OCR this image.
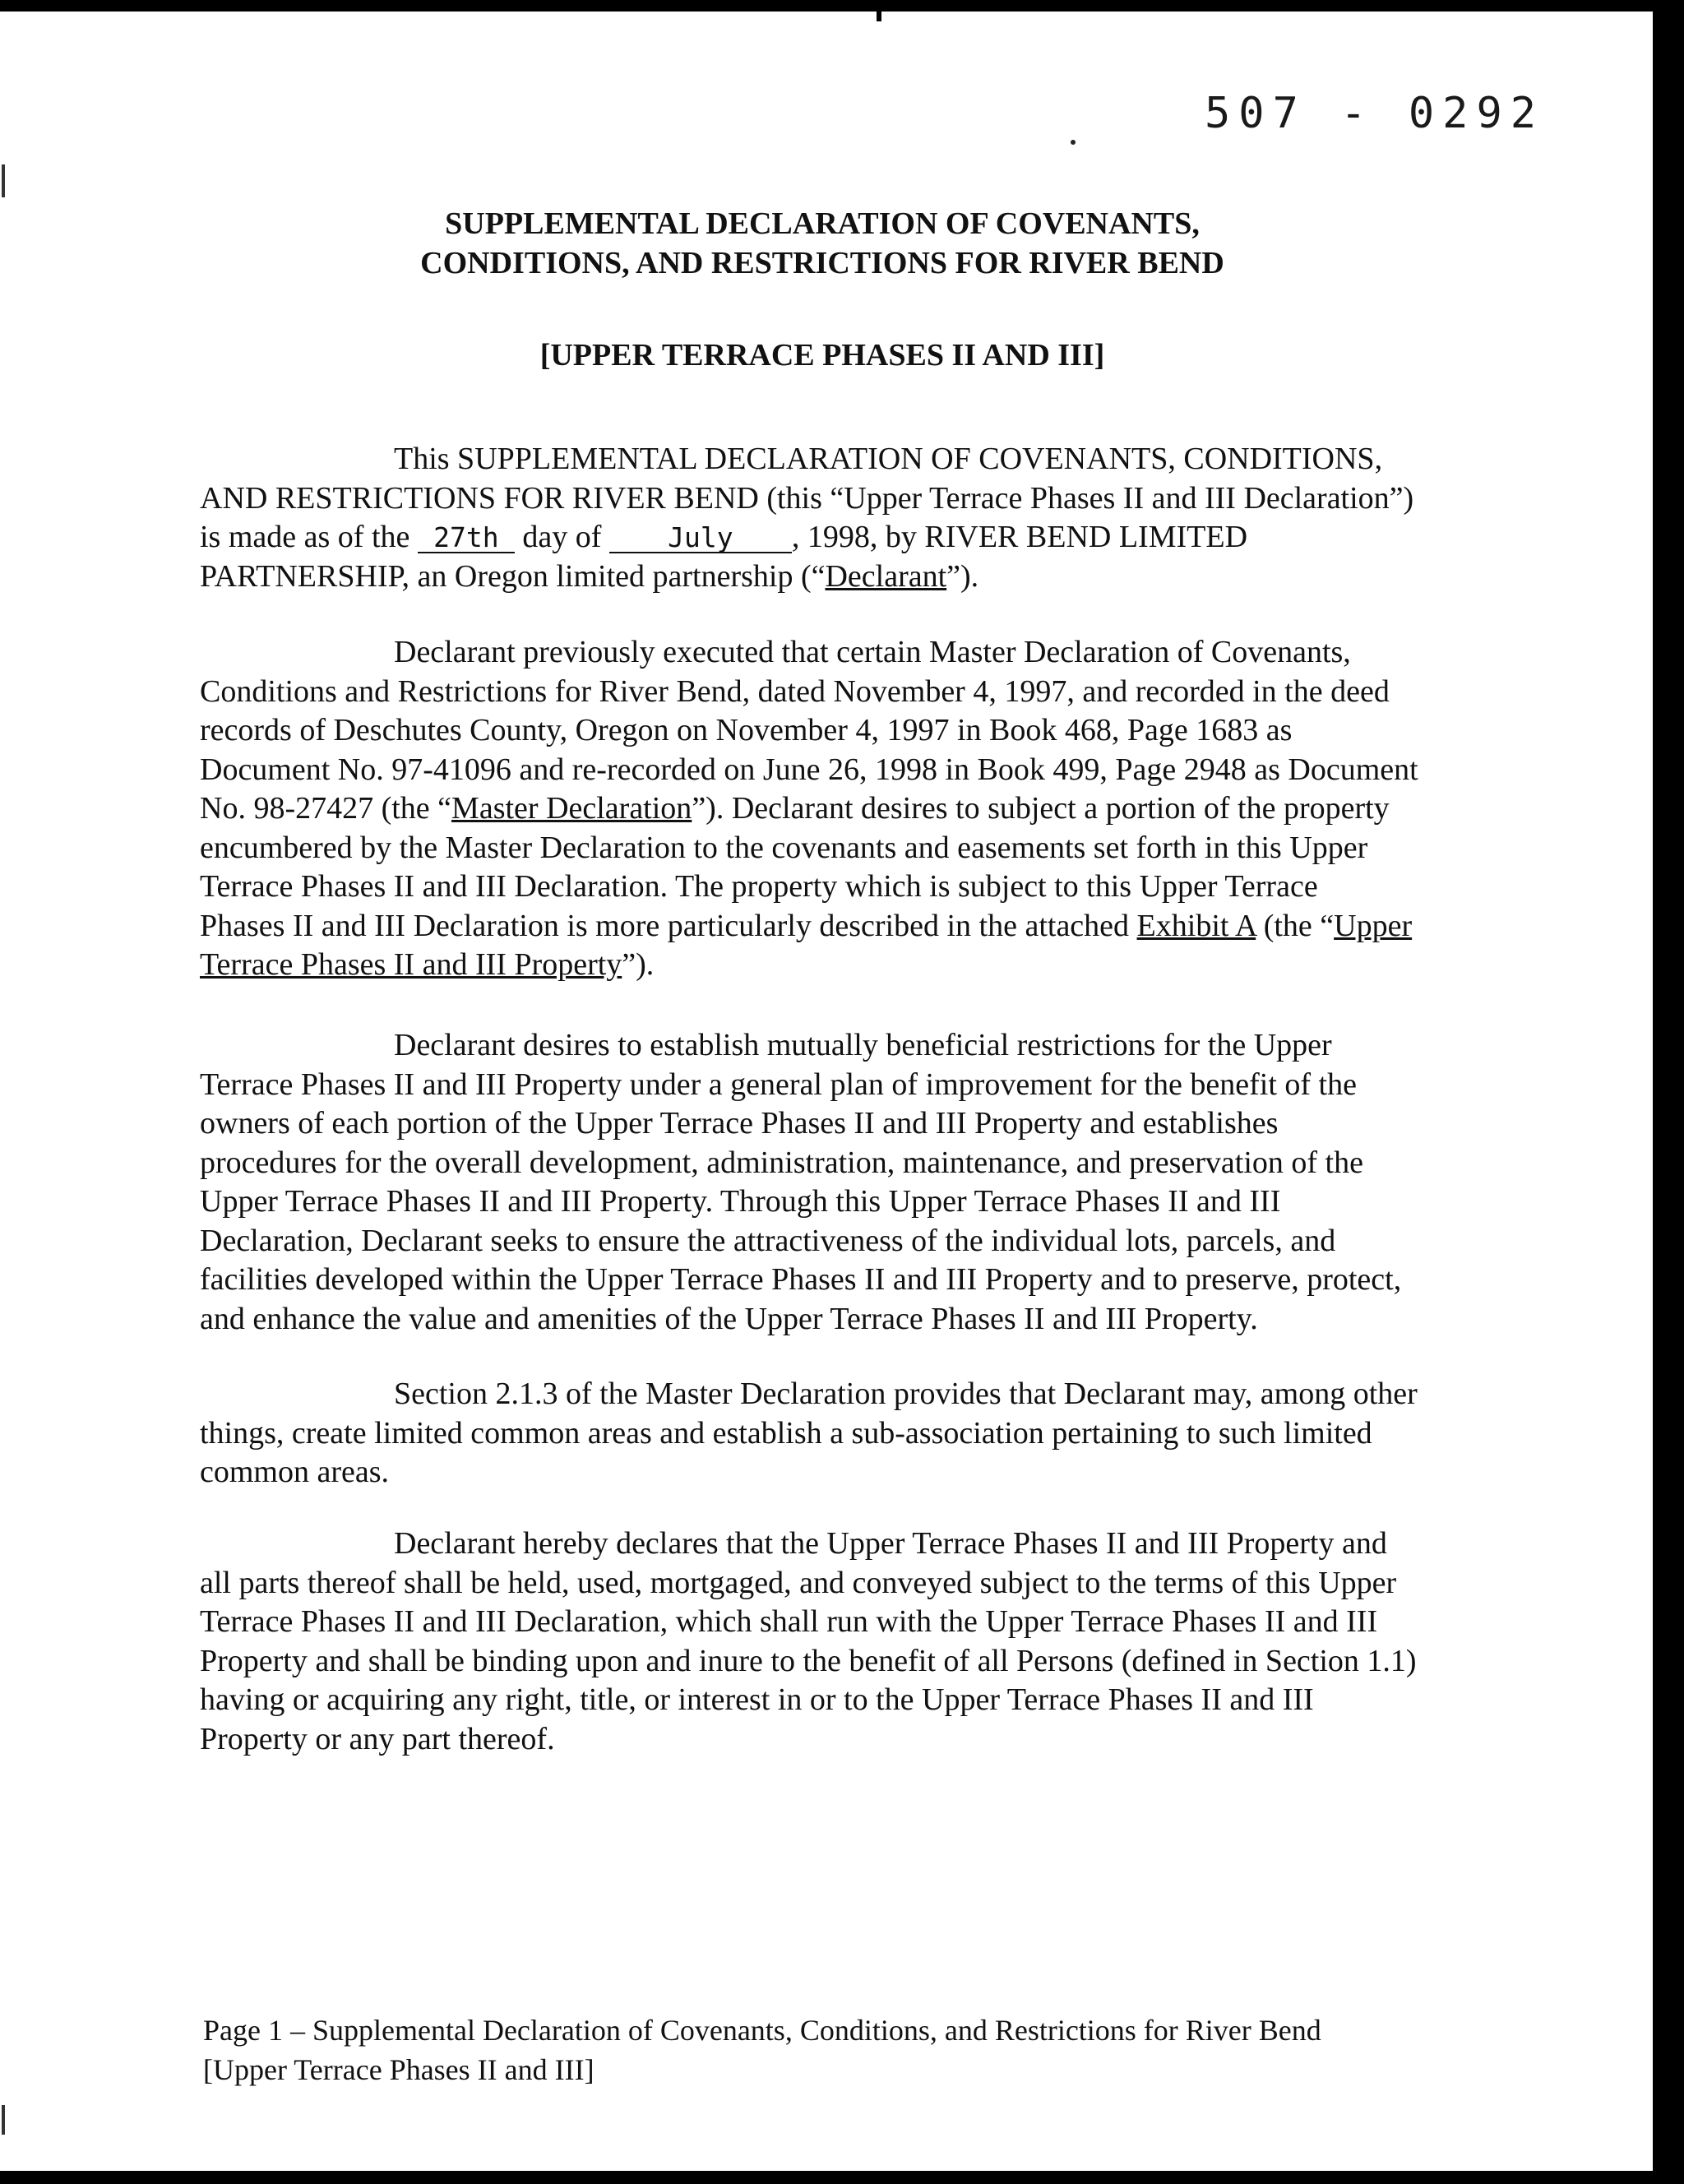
507 - 0292
SUPPLEMENTAL DECLARATION OF COVENANTS,
CONDITIONS, AND RESTRICTIONS FOR RIVER BEND
[UPPER TERRACE PHASES II AND III]
This SUPPLEMENTAL DECLARATION OF COVENANTS, CONDITIONS,
AND RESTRICTIONS FOR RIVER BEND (this “Upper Terrace Phases II and III Declaration”)
is made as of the 27th day of July , 1998, by RIVER BEND LIMITED
PARTNERSHIP, an Oregon limited partnership (“Declarant”).
Declarant previously executed that certain Master Declaration of Covenants,
Conditions and Restrictions for River Bend, dated November 4, 1997, and recorded in the deed
records of Deschutes County, Oregon on November 4, 1997 in Book 468, Page 1683 as
Document No. 97-41096 and re-recorded on June 26, 1998 in Book 499, Page 2948 as Document
No. 98-27427 (the “Master Declaration”). Declarant desires to subject a portion of the property
encumbered by the Master Declaration to the covenants and easements set forth in this Upper
Terrace Phases II and III Declaration. The property which is subject to this Upper Terrace
Phases II and III Declaration is more particularly described in the attached Exhibit A (the “Upper
Terrace Phases II and III Property”).
Declarant desires to establish mutually beneficial restrictions for the Upper
Terrace Phases II and III Property under a general plan of improvement for the benefit of the
owners of each portion of the Upper Terrace Phases II and III Property and establishes
procedures for the overall development, administration, maintenance, and preservation of the
Upper Terrace Phases II and III Property. Through this Upper Terrace Phases II and III
Declaration, Declarant seeks to ensure the attractiveness of the individual lots, parcels, and
facilities developed within the Upper Terrace Phases II and III Property and to preserve, protect,
and enhance the value and amenities of the Upper Terrace Phases II and III Property.
Section 2.1.3 of the Master Declaration provides that Declarant may, among other
things, create limited common areas and establish a sub-association pertaining to such limited
common areas.
Declarant hereby declares that the Upper Terrace Phases II and III Property and
all parts thereof shall be held, used, mortgaged, and conveyed subject to the terms of this Upper
Terrace Phases II and III Declaration, which shall run with the Upper Terrace Phases II and III
Property and shall be binding upon and inure to the benefit of all Persons (defined in Section 1.1)
having or acquiring any right, title, or interest in or to the Upper Terrace Phases II and III
Property or any part thereof.
Page 1 – Supplemental Declaration of Covenants, Conditions, and Restrictions for River Bend
[Upper Terrace Phases II and III]
